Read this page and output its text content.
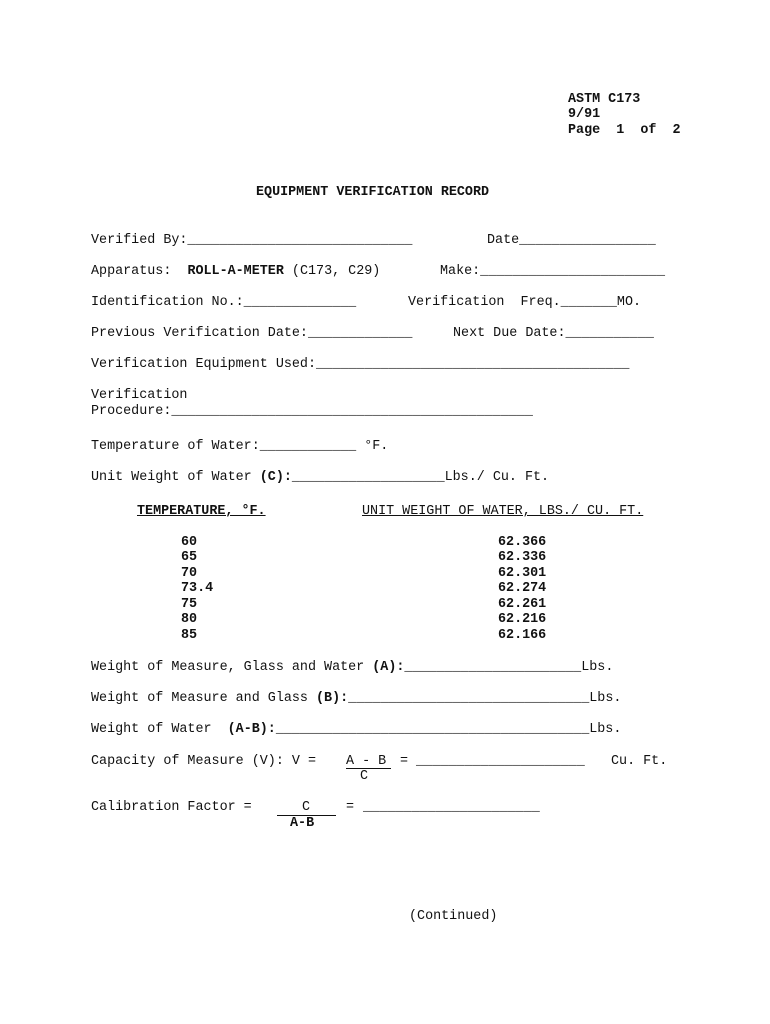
ASTM C173
9/91
Page 1 of 2
EQUIPMENT VERIFICATION RECORD
Verified By:____________________________	Date_________________
Apparatus: ROLL-A-METER (C173, C29)	Make:_______________________
Identification No.:______________	Verification  Freq._______MO.
Previous Verification Date:_____________	Next Due Date:___________
Verification Equipment Used:_______________________________________
Verification
Procedure:_____________________________________________
Temperature of Water:____________ °F.
Unit Weight of Water (C):___________________Lbs./ Cu. Ft.
TEMPERATURE, °F.	UNIT WEIGHT OF WATER, LBS./ CU. FT.
60	62.366
65	62.336
70	62.301
73.4	62.274
75	62.261
80	62.216
85	62.166
Weight of Measure, Glass and Water (A):______________________Lbs.
Weight of Measure and Glass (B):______________________________Lbs.
Weight of Water (A-B):_______________________________________Lbs.
Capacity of Measure (V): V = A - B
C
= _____________________ Cu. Ft.
Calibration Factor =	C
A-B
= ______________________
(Continued)
